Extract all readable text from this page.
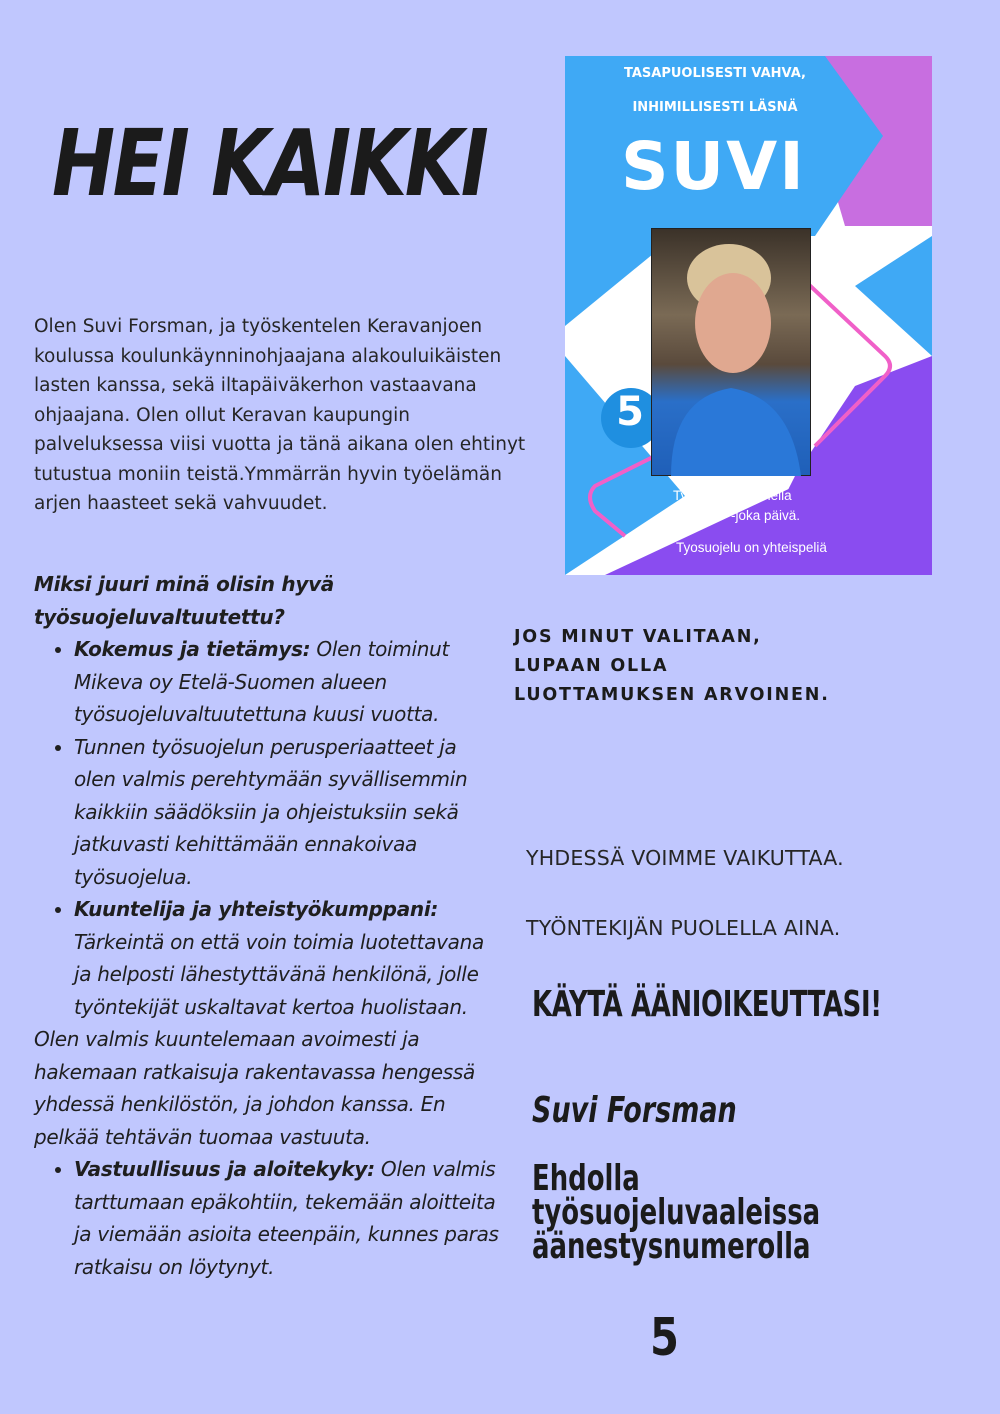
HEI KAIKKI

Olen Suvi Forsman, ja työskentelen Keravanjoen koulussa koulunkäynninohjaajana alakouluikäisten lasten kanssa, sekä iltapäiväkerhon vastaavana ohjaajana. Olen ollut Keravan kaupungin palveluksessa viisi vuotta ja tänä aikana olen ehtinyt tutustua moniin teistä.Ymmärrän hyvin työelämän arjen haasteet sekä vahvuudet.

Miksi juuri minä olisin hyvä työsuojeluvaltuutettu?
• Kokemus ja tietämys: Olen toiminut Mikeva oy Etelä-Suomen alueen työsuojeluvaltuutettuna kuusi vuotta.
• Tunnen työsuojelun perusperiaatteet ja olen valmis perehtymään syvällisemmin kaikkiin säädöksiin ja ohjeistuksiin sekä jatkuvasti kehittämään ennakoivaa työsuojelua.
• Kuuntelija ja yhteistyökumppani: Tärkeintä on että voin toimia luotettavana ja helposti lähestyttävänä henkilönä, jolle työntekijät uskaltavat kertoa huolistaan.

Olen valmis kuuntelemaan avoimesti ja hakemaan ratkaisuja rakentavassa hengessä yhdessä henkilöstön, ja johdon kanssa. En pelkää tehtävän tuomaa vastuuta.

• Vastuullisuus ja aloitekyky: Olen valmis tarttumaan epäkohtiin, tekemään aloitteita ja viemään asioita eteenpäin, kunnes paras ratkaisu on löytynyt.
TASAPUOLISESTI VAHVA,
INHIMILLISESTI LÄSNÄ
SUVI
5
Työntekijän puolella
-joka päivä.
Tyosuojelu on yhteispeliä

JOS MINUT VALITAAN, LUPAAN OLLA LUOTTAMUKSEN ARVOINEN.

YHDESSÄ VOIMME VAIKUTTAA.

TYÖNTEKIJÄN PUOLELLA AINA.

KÄYTÄ ÄÄNIOIKEUTTASI!

Suvi Forsman

Ehdolla
työsuojeluvaaleissa
äänestysnumerolla

5
